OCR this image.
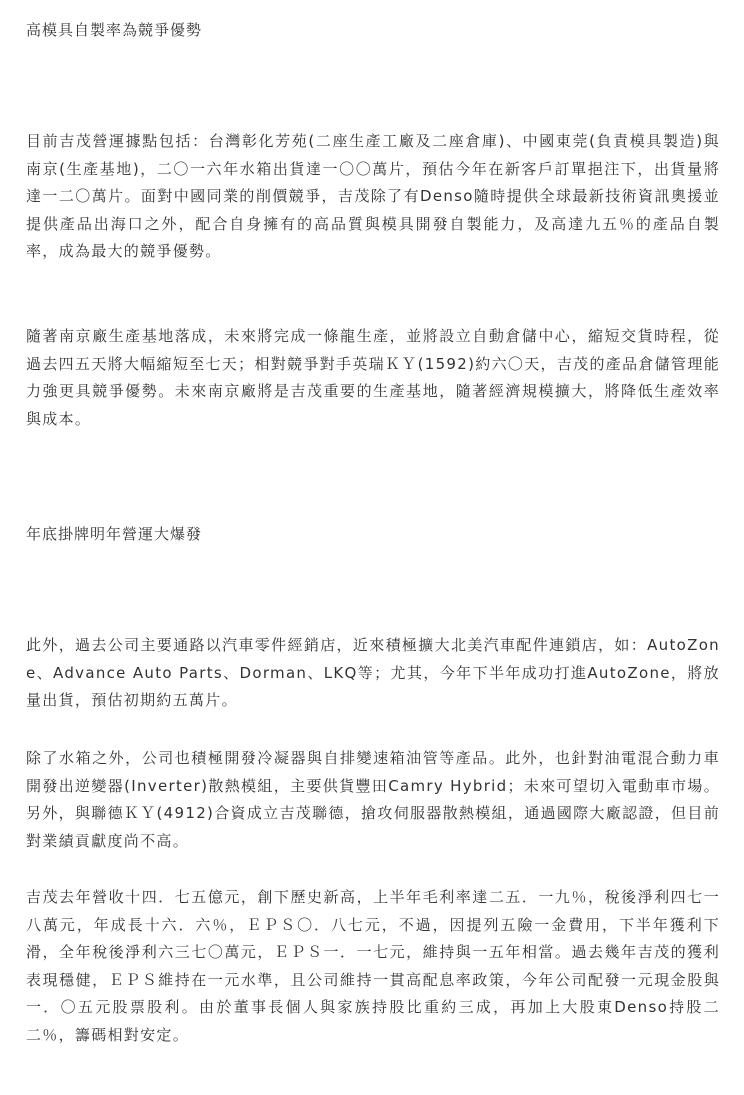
高模具自製率為競爭優勢

目前吉茂營運據點包括：台灣彰化芳苑(二座生產工廠及二座倉庫)、中國東莞(負責模具製造)與南京(生產基地)，二〇一六年水箱出貨達一〇〇萬片，預估今年在新客戶訂單挹注下，出貨量將達一二〇萬片。面對中國同業的削價競爭，吉茂除了有Denso隨時提供全球最新技術資訊奧援並提供產品出海口之外，配合自身擁有的高品質與模具開發自製能力，及高達九五％的產品自製率，成為最大的競爭優勢。

隨著南京廠生產基地落成，未來將完成一條龍生產，並將設立自動倉儲中心，縮短交貨時程，從過去四五天將大幅縮短至七天；相對競爭對手英瑞ＫＹ(1592)約六〇天，吉茂的產品倉儲管理能力強更具競爭優勢。未來南京廠將是吉茂重要的生產基地，隨著經濟規模擴大，將降低生產效率與成本。

年底掛牌明年營運大爆發

此外，過去公司主要通路以汽車零件經銷店，近來積極擴大北美汽車配件連鎖店，如：AutoZone、Advance Auto Parts、Dorman、LKQ等；尤其，今年下半年成功打進AutoZone，將放量出貨，預估初期約五萬片。

除了水箱之外，公司也積極開發冷凝器與自排變速箱油管等產品。此外，也針對油電混合動力車開發出逆變器(Inverter)散熱模組，主要供貨豐田Camry Hybrid；未來可望切入電動車市場。另外，與聯德ＫＹ(4912)合資成立吉茂聯德，搶攻伺服器散熱模組，通過國際大廠認證，但目前對業績貢獻度尚不高。

吉茂去年營收十四．七五億元，創下歷史新高，上半年毛利率達二五．一九％，稅後淨利四七一八萬元，年成長十六．六％，ＥＰＳ〇．八七元，不過，因提列五險一金費用，下半年獲利下滑，全年稅後淨利六三七〇萬元，ＥＰＳ一．一七元，維持與一五年相當。過去幾年吉茂的獲利表現穩健，ＥＰＳ維持在一元水準，且公司維持一貫高配息率政策，今年公司配發一元現金股與一．〇五元股票股利。由於董事長個人與家族持股比重約三成，再加上大股東Denso持股二二％，籌碼相對安定。
